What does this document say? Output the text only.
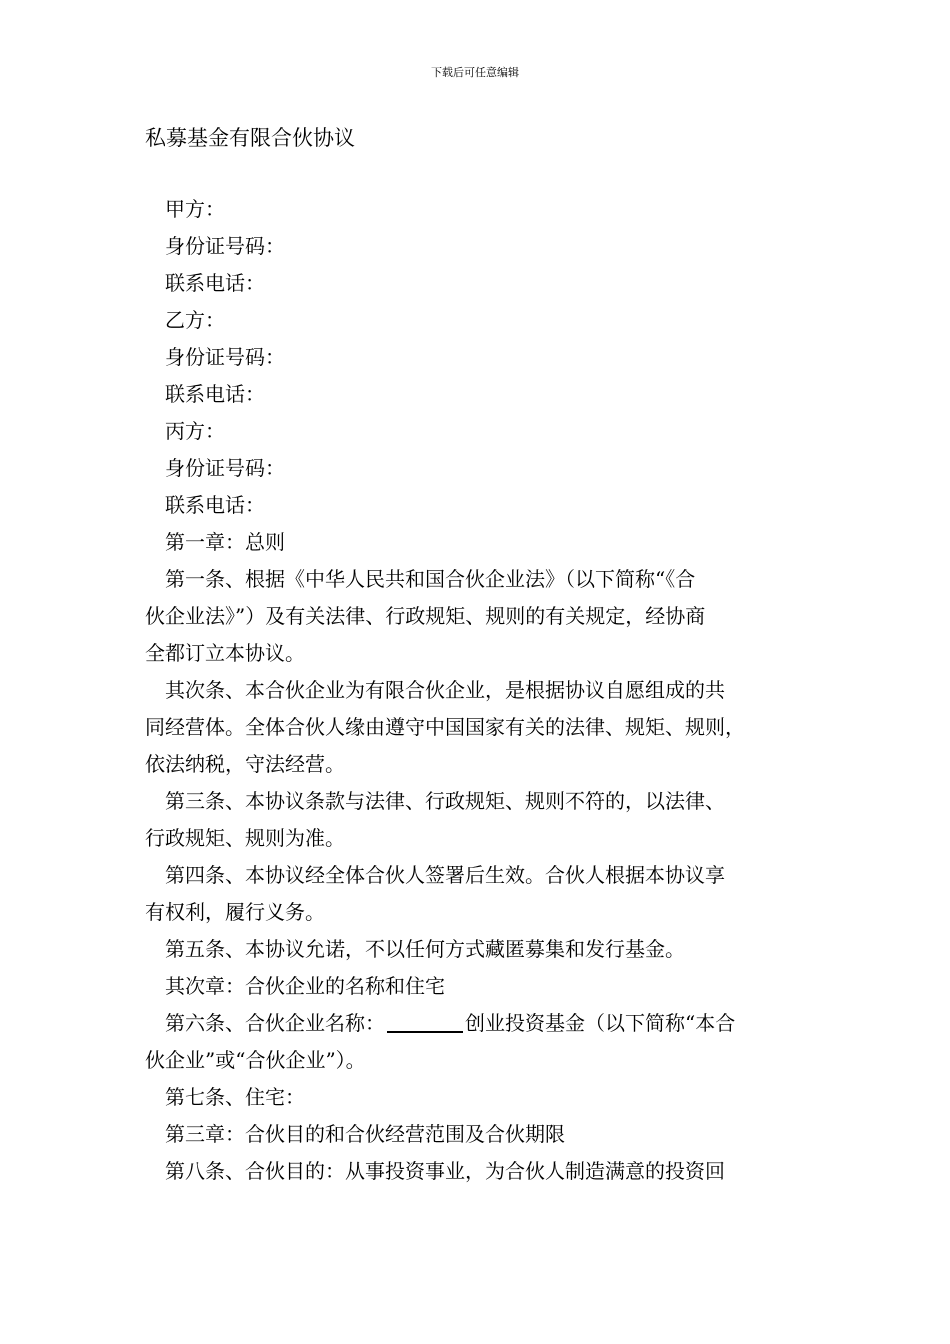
下载后可任意编辑
私募基金有限合伙协议
甲方：
身份证号码：
联系电话：
乙方：
身份证号码：
联系电话：
丙方：
身份证号码：
联系电话：
第一章：总则
第一条、根据《中华人民共和国合伙企业法》（以下简称“《合
伙企业法》”）及有关法律、行政规矩、规则的有关规定，经协商
全都订立本协议。
其次条、本合伙企业为有限合伙企业，是根据协议自愿组成的共
同经营体。全体合伙人缘由遵守中国国家有关的法律、规矩、规则，
依法纳税，守法经营。
第三条、本协议条款与法律、行政规矩、规则不符的，以法律、
行政规矩、规则为准。
第四条、本协议经全体合伙人签署后生效。合伙人根据本协议享
有权利，履行义务。
第五条、本协议允诺，不以任何方式藏匿募集和发行基金。
其次章：合伙企业的名称和住宅
第六条、合伙企业名称：	创业投资基金（以下简称“本合
伙企业”或“合伙企业”）。
第七条、住宅：
第三章：合伙目的和合伙经营范围及合伙期限
第八条、合伙目的：从事投资事业，为合伙人制造满意的投资回
